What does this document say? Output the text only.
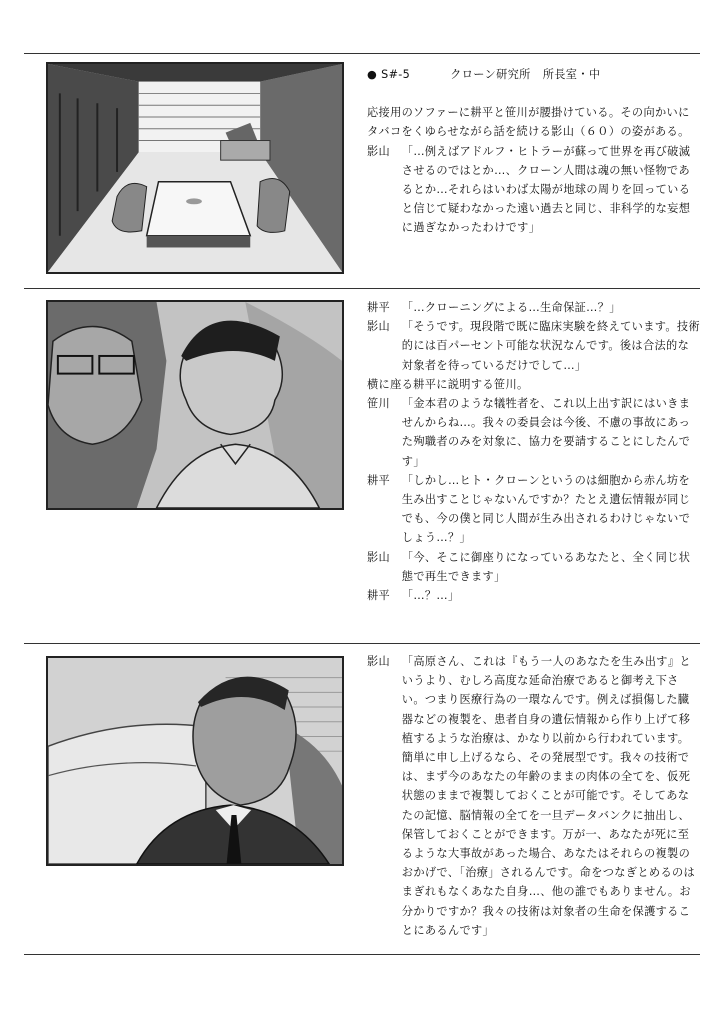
● S#-5	クローン研究所 所長室・中

応接用のソファーに耕平と笹川が腰掛けている。その向かいにタバコをくゆらせながら話を続ける影山（６０）の姿がある。

影山
「…例えばアドルフ・ヒトラーが蘇って世界を再び破滅させるのではとか…、クローン人間は魂の無い怪物であるとか…それらはいわば太陽が地球の周りを回っていると信じて疑わなかった遠い過去と同じ、非科学的な妄想に過ぎなかったわけです」
耕平
「…クローニングによる…生命保証…？」
影山
「そうです。現段階で既に臨床実験を終えています。技術的には百パーセント可能な状況なんです。後は合法的な対象者を待っているだけでして…」

横に座る耕平に説明する笹川。

笹川
「金本君のような犠牲者を、これ以上出す訳にはいきませんからね…。我々の委員会は今後、不慮の事故にあった殉職者のみを対象に、協力を要請することにしたんです」
耕平
「しかし…ヒト・クローンというのは細胞から赤ん坊を生み出すことじゃないんですか？たとえ遺伝情報が同じでも、今の僕と同じ人間が生み出されるわけじゃないでしょう…？」
影山
「今、そこに御座りになっているあなたと、全く同じ状態で再生できます」
耕平
「…？…」
影山
「高原さん、これは『もう一人のあなたを生み出す』というより、むしろ高度な延命治療であると御考え下さい。つまり医療行為の一環なんです。例えば損傷した臓器などの複製を、患者自身の遺伝情報から作り上げて移植するような治療は、かなり以前から行われています。簡単に申し上げるなら、その発展型です。我々の技術では、まず今のあなたの年齢のままの肉体の全てを、仮死状態のままで複製しておくことが可能です。そしてあなたの記憶、脳情報の全てを一旦データバンクに抽出し、保管しておくことができます。万が一、あなたが死に至るような大事故があった場合、あなたはそれらの複製のおかげで、「治療」されるんです。命をつなぎとめるのはまぎれもなくあなた自身…、他の誰でもありません。お分かりですか？我々の技術は対象者の生命を保護することにあるんです」
